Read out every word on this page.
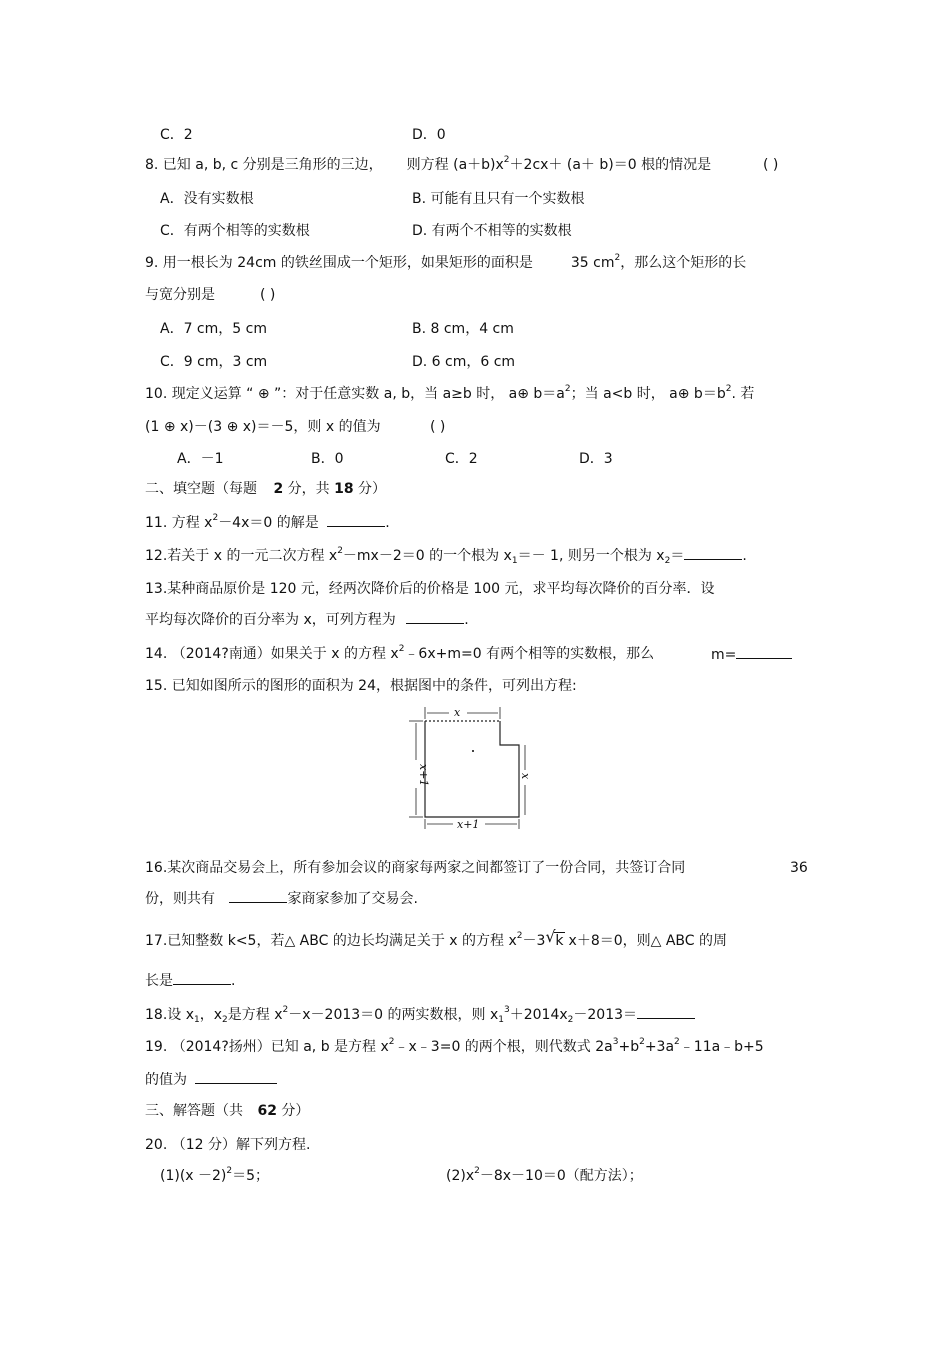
C．2	D．0
8. 已知 a, b, c 分别是三角形的三边， 则方程 $(a+b)x^2+2cx+ (a+ b)=0$ 根的情况是	( )
A．没有实数根	B. 可能有且只有一个实数根
C．有两个相等的实数根	D. 有两个不相等的实数根
9. 用一根长为 24cm 的铁丝围成一个矩形，如果矩形的面积是	35 $cm^2$，那么这个矩形的长
与宽分别是	( )
A．7 cm，5 cm	B. 8 cm，4 cm
C．9 cm，3 cm	D. 6 cm，6 cm
10. 现定义运算 “ ⊕ ”：对于任意实数 a, b，当 a≥b 时， a⊕ $b=a^2$；当 a<b 时， a⊕ $b=b^2$. 若
(1 ⊕ x)－(3 ⊕ x)＝－5，则 x 的值为	( )
A．－1	B．0	C．2	D．3
二、填空题（每题 2 分，共 18 分）
11. 方程 $x^2-4x=0$ 的解是	.
12.若关于 x 的一元二次方程 $x^2-mx-2=0$ 的一个根为 $x_1=- 1$, 则另一个根为 $x_2=$	.
13.某种商品原价是 120 元，经两次降价后的价格是 100 元，求平均每次降价的百分率．设
平均每次降价的百分率为 x，可列方程为	.
14. （2014?南通）如果关于 x 的方程 $x^2﹣6x+m=0$ 有两个相等的实数根，那么	m=
15. 已知如图所示的图形的面积为 24，根据图中的条件，可列出方程:
x
x+1	x
x+1
16.某次商品交易会上，所有参加会议的商家每两家之间都签订了一份合同，共签订合同	36
份，则共有	家商家参加了交易会.
17.已知整数 k<5，若△ ABC 的边长均满足关于 x 的方程 $x^2-3$ √ k x＋8＝0，则△ ABC 的周
长是	.
18.设 $x_1$，$x_2$是方程 $x^2-x-2013=0$ 的两实数根，则 $x_1^3+2014x_2-2013=$
19. （2014?扬州）已知 a, b 是方程 $x^2﹣x﹣3=0$ 的两个根，则代数式 $2a^3+b^2+3a^2﹣11a﹣b+5$
的值为
三、解答题（共 62 分）
20. （12 分）解下列方程.
$(1)(x -2)^2=5$；	$(2)x^2-8x-10=0$（配方法）；
